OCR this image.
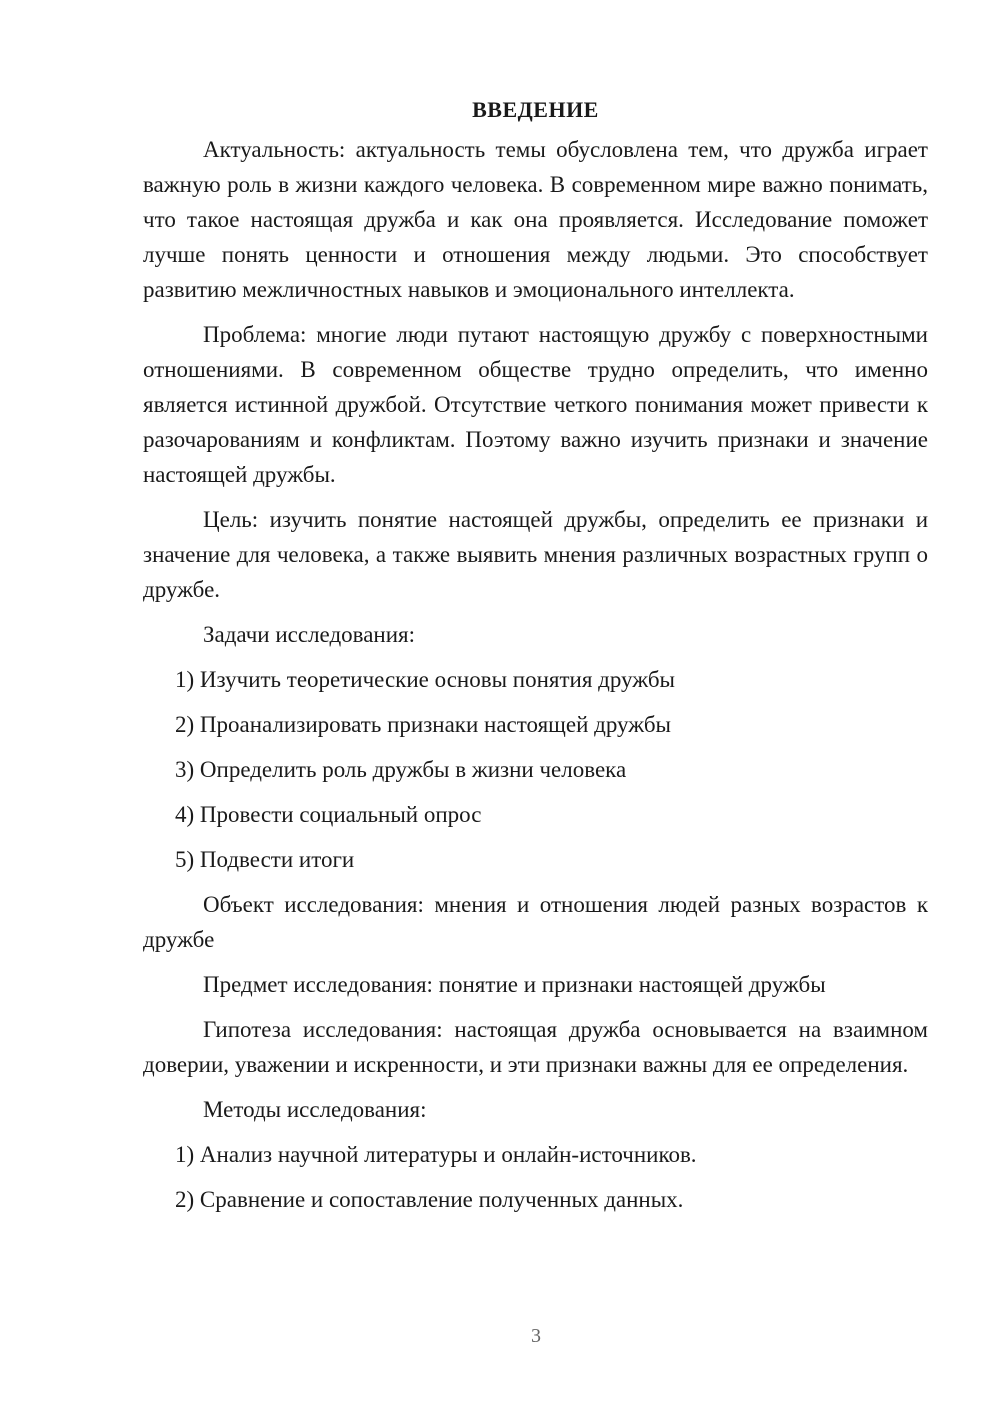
ВВЕДЕНИЕ

Актуальность: актуальность темы обусловлена тем, что дружба играет важную роль в жизни каждого человека. В современном мире важно понимать, что такое настоящая дружба и как она проявляется. Исследование поможет лучше понять ценности и отношения между людьми. Это способствует развитию межличностных навыков и эмоционального интеллекта.

Проблема: многие люди путают настоящую дружбу с поверхностными отношениями. В современном обществе трудно определить, что именно является истинной дружбой. Отсутствие четкого понимания может привести к разочарованиям и конфликтам. Поэтому важно изучить признаки и значение настоящей дружбы.

Цель: изучить понятие настоящей дружбы, определить ее признаки и значение для человека, а также выявить мнения различных возрастных групп о дружбе.

Задачи исследования:

1) Изучить теоретические основы понятия дружбы
2) Проанализировать признаки настоящей дружбы
3) Определить роль дружбы в жизни человека
4) Провести социальный опрос
5) Подвести итоги

Объект исследования: мнения и отношения людей разных возрастов к дружбе

Предмет исследования: понятие и признаки настоящей дружбы

Гипотеза исследования: настоящая дружба основывается на взаимном доверии, уважении и искренности, и эти признаки важны для ее определения.

Методы исследования:

1) Анализ научной литературы и онлайн-источников.
2) Сравнение и сопоставление полученных данных.
3
